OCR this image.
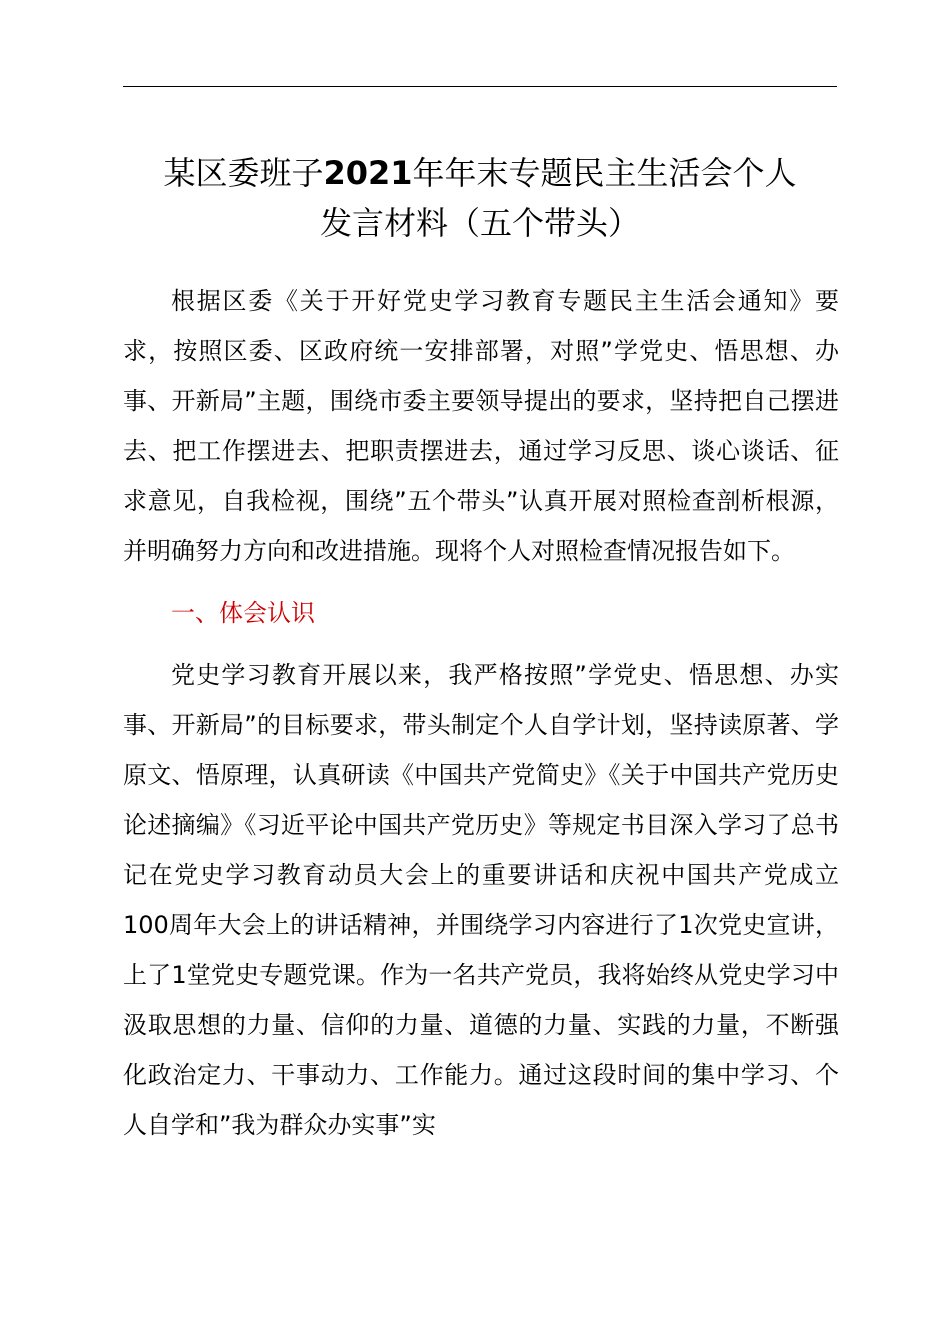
某区委班子2021年年末专题民主生活会个人
发言材料（五个带头）

根据区委《关于开好党史学习教育专题民主生活会通知》要求，按照区委、区政府统一安排部署，对照”学党史、悟思想、办事、开新局”主题，围绕市委主要领导提出的要求，坚持把自己摆进去、把工作摆进去、把职责摆进去，通过学习反思、谈心谈话、征求意见，自我检视，围绕”五个带头”认真开展对照检查剖析根源，并明确努力方向和改进措施。现将个人对照检查情况报告如下。

一、体会认识

党史学习教育开展以来，我严格按照”学党史、悟思想、办实事、开新局”的目标要求，带头制定个人自学计划，坚持读原著、学原文、悟原理，认真研读《中国共产党简史》《关于中国共产党历史论述摘编》《习近平论中国共产党历史》等规定书目深入学习了总书记在党史学习教育动员大会上的重要讲话和庆祝中国共产党成立100周年大会上的讲话精神，并围绕学习内容进行了1次党史宣讲，上了1堂党史专题党课。作为一名共产党员，我将始终从党史学习中汲取思想的力量、信仰的力量、道德的力量、实践的力量，不断强化政治定力、干事动力、工作能力。通过这段时间的集中学习、个人自学和”我为群众办实事”实
